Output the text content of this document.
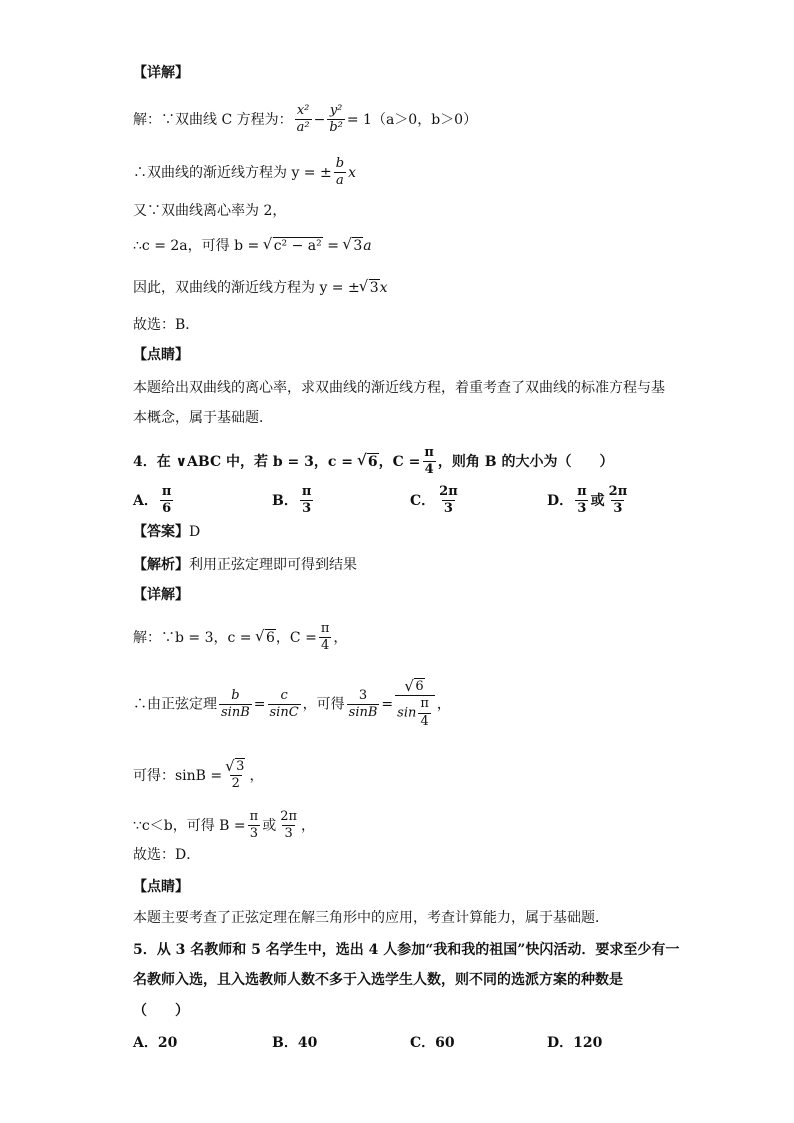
【详解】
解：∵双曲线 C 方程为： $\frac{\text{x²}}{\text{a²}} - \frac{\text{y²}}{\text{b²}} = 1(a>0$，b＞0）
∴双曲线的渐近线方程为 y = ± $\frac{b}{a}$ x
又∵双曲线离心率为 2，
∴c = 2a，可得 b = √ c² − a² = √ 3a
因此，双曲线的渐近线方程为 y = ± √ 3x
故选：B．
【点睛】
本题给出双曲线的离心率，求双曲线的渐近线方程，着重考查了双曲线的标准方程与基
本概念，属于基础题．
4．在 ∨ABC 中，若 b = 3，c = √ 6，$C = \frac{\pi}{4}$ ，则角 B 的大小为（　　）
A． $\frac{\pi}{6}$	B． $\frac{\pi}{3}$	C． $\frac{2\pi}{3}$	D． $\frac{\pi}{3}$ 或 $\frac{2\pi}{3}$
【答案】D
【解析】利用正弦定理即可得到结果
【详解】
解：∵b = 3，c = √ 6，$C = \frac{\pi}{4}$ ，
∴由正弦定理 $\frac{b}{\sin B} = \frac{c}{\sin C}$ ，可得 $\frac{3}{\sin B}$ = √ $\frac{6}{\sin \frac{\pi}{4}}$ ，
可得：sinB = √ $\frac{3}{2}$ ，
∵c＜b，可得 $B = \frac{\pi}{3}$ 或 $\frac{2\pi}{3}$ ，
故选：D．
【点睛】
本题主要考查了正弦定理在解三角形中的应用，考查计算能力，属于基础题．
5．从 3 名教师和 5 名学生中，选出 4 人参加“我和我的祖国”快闪活动．要求至少有一
名教师入选，且入选教师人数不多于入选学生人数，则不同的选派方案的种数是
（　　）
A．20	B．40	C．60	D．120
